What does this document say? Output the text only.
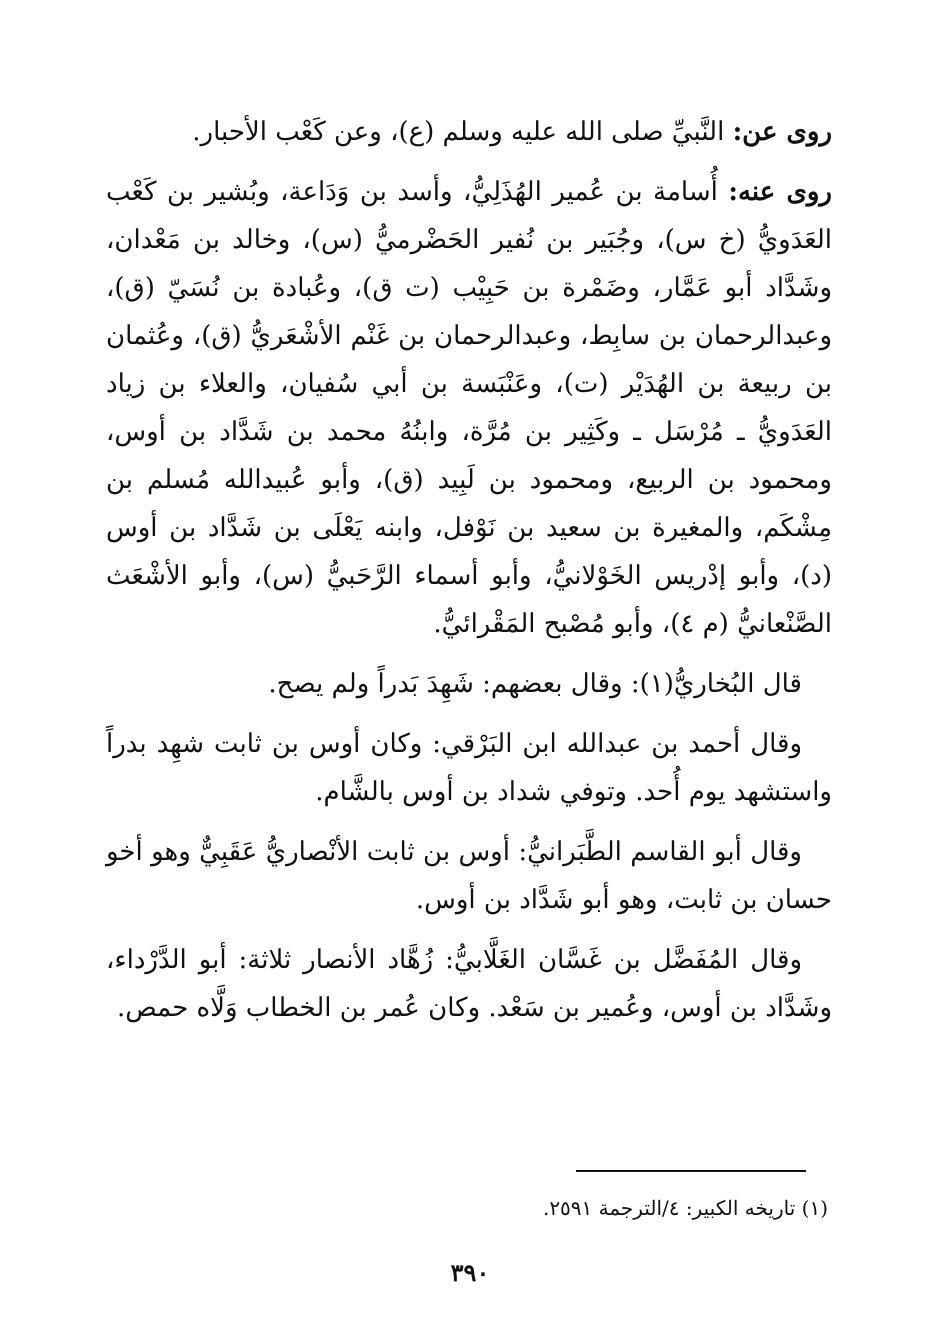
روى عن: النَّبيِّ صلى الله عليه وسلم (ع)، وعن كَعْب الأحبار.

روى عنه: أُسامة بن عُمير الهُذَلِيُّ، وأسد بن وَدَاعة، وبُشير بن كَعْب العَدَويُّ (خ س)، وجُبَير بن نُفير الحَضْرميُّ (س)، وخالد بن مَعْدان، وشَدَّاد أبو عَمَّار، وضَمْرة بن حَبِيْب (ت ق)، وعُبادة بن نُسَيّ (ق)، وعبدالرحمان بن سابِط، وعبدالرحمان بن غَنْم الأشْعَريُّ (ق)، وعُثمان بن ربيعة بن الهُدَيْر (ت)، وعَنْبَسة بن أبي سُفيان، والعلاء بن زياد العَدَويُّ ـ مُرْسَل ـ وكَثِير بن مُرَّة، وابنُهُ محمد بن شَدَّاد بن أوس، ومحمود بن الربيع، ومحمود بن لَبِيد (ق)، وأبو عُبيدالله مُسلم بن مِشْكَم، والمغيرة بن سعيد بن نَوْفل، وابنه يَعْلَى بن شَدَّاد بن أوس (د)، وأبو إدْريس الخَوْلانيُّ، وأبو أسماء الرَّحَبيُّ (س)، وأبو الأشْعَث الصَّنْعانيُّ (م ٤)، وأبو مُصْبح المَقْرائيُّ.

قال البُخاريُّ(١): وقال بعضهم: شَهِدَ بَدراً ولم يصح.

وقال أحمد بن عبدالله ابن البَرْقي: وكان أوس بن ثابت شهِد بدراً واستشهد يوم أُحد. وتوفي شداد بن أوس بالشَّام.

وقال أبو القاسم الطَّبَرانيُّ: أوس بن ثابت الأنْصاريُّ عَقَبِيٌّ وهو أخو حسان بن ثابت، وهو أبو شَدَّاد بن أوس.

وقال المُفَضَّل بن غَسَّان الغَلَّابيُّ: زُهَّاد الأنصار ثلاثة: أبو الدَّرْداء، وشَدَّاد بن أوس، وعُمير بن سَعْد. وكان عُمر بن الخطاب وَلَّاه حمص.

(١) تاريخه الكبير: ٤/الترجمة ٢٥٩١.
٣٩٠
